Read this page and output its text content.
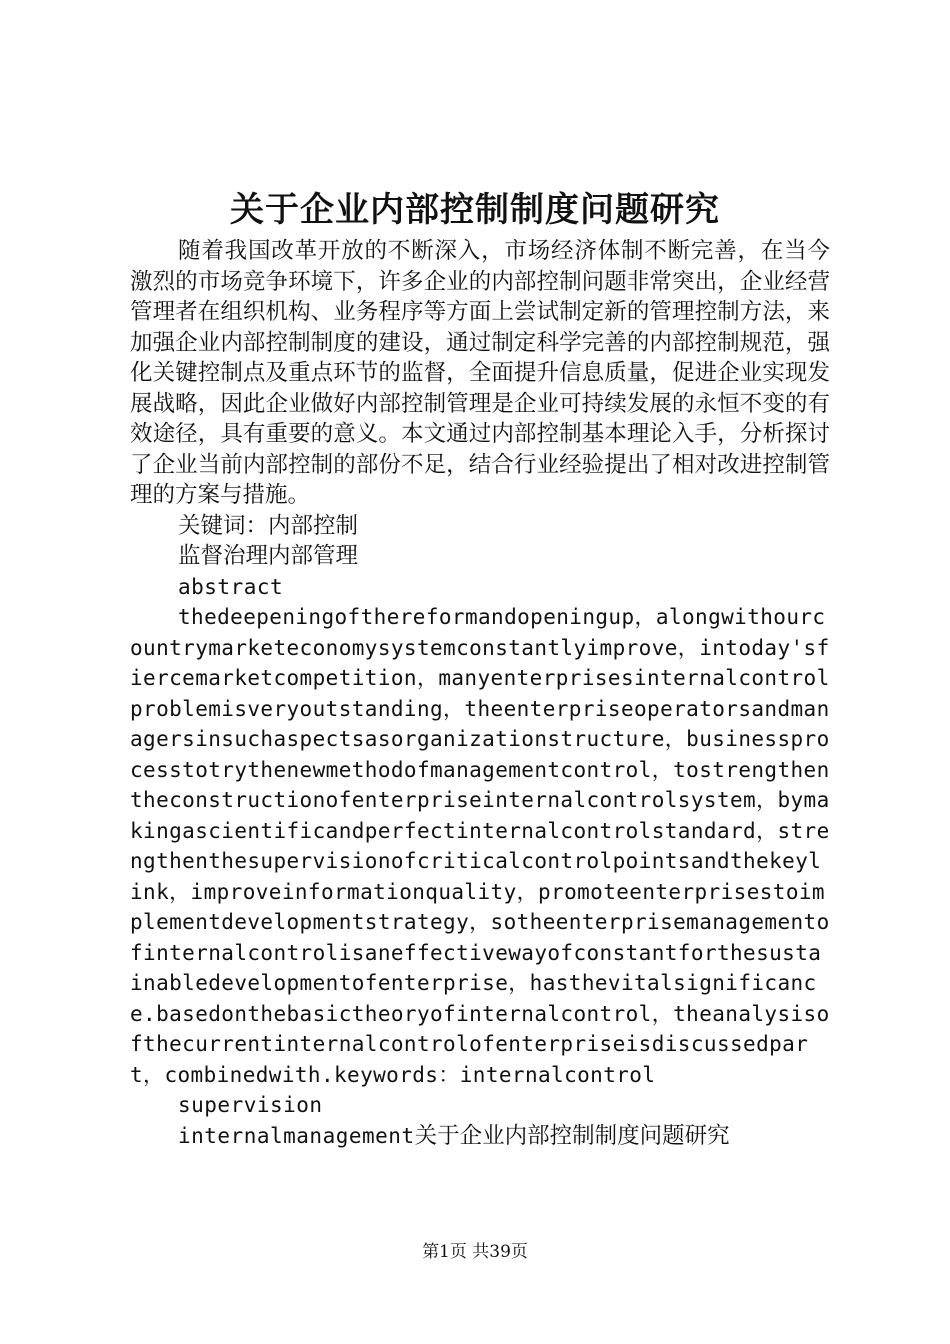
关于企业内部控制制度问题研究

随着我国改革开放的不断深入，市场经济体制不断完善，在当今激烈的市场竞争环境下，许多企业的内部控制问题非常突出，企业经营管理者在组织机构、业务程序等方面上尝试制定新的管理控制方法，来加强企业内部控制制度的建设，通过制定科学完善的内部控制规范，强化关键控制点及重点环节的监督，全面提升信息质量，促进企业实现发展战略，因此企业做好内部控制管理是企业可持续发展的永恒不变的有效途径，具有重要的意义。本文通过内部控制基本理论入手，分析探讨了企业当前内部控制的部份不足，结合行业经验提出了相对改进控制管理的方案与措施。

关键词：内部控制

监督治理内部管理

abstract

thedeepeningofthereformandopeningup，alongwithourcountrymarketeconomysystemconstantlyimprove，intoday'sfiercemarketcompetition，manyenterprisesinternalcontrolproblemisveryoutstanding，theenterpriseoperatorsandmanagersinsuchaspectsasorganizationstructure，businessprocesstotrythenewmethodofmanagementcontrol，tostrengthentheconstructionofenterpriseinternalcontrolsystem，bymakingascientificandperfectinternalcontrolstandard，strengthenthesupervisionofcriticalcontrolpointsandthekeylink，improveinformationquality，promoteenterprisestoimplementdevelopmentstrategy，sotheenterprisemanagementofinternalcontrolisaneffectivewayofconstantforthesustainabledevelopmentofenterprise，hasthevitalsignificance.basedonthebasictheoryofinternalcontrol，theanalysisofthecurrentinternalcontrolofenterpriseisdiscussedpart，combinedwith.keywords：internalcontrol

supervision

internalmanagement关于企业内部控制制度问题研究

第1页 共39页
